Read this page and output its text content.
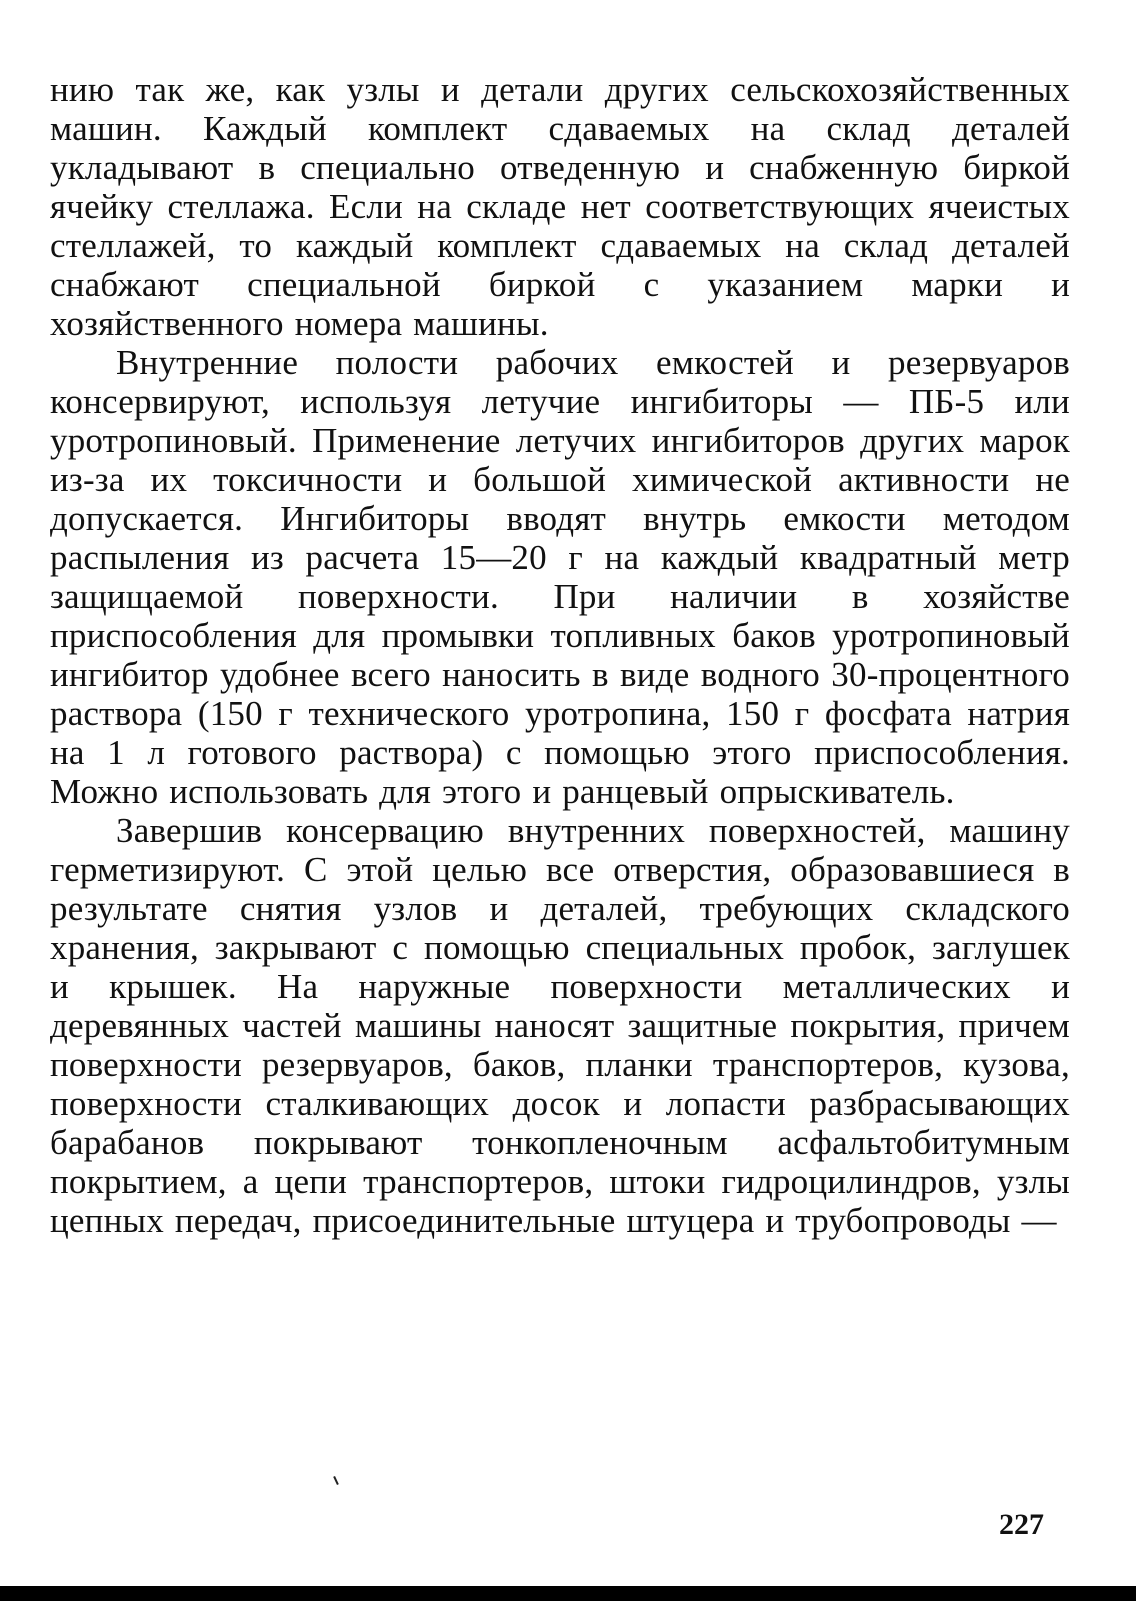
нию так же, как узлы и детали других сельскохозяйственных машин. Каждый комплект сдаваемых на склад деталей укладывают в специально отведенную и снабженную биркой ячейку стеллажа. Если на складе нет соответствующих ячеистых стеллажей, то каждый комплект сдаваемых на склад деталей снабжают специальной биркой с указанием марки и хозяйственного номера машины.

Внутренние полости рабочих емкостей и резервуаров консервируют, используя летучие ингибиторы — ПБ-5 или уротропиновый. Применение летучих ингибиторов других марок из-за их токсичности и большой химической активности не допускается. Ингибиторы вводят внутрь емкости методом распыления из расчета 15—20 г на каждый квадратный метр защищаемой поверхности. При наличии в хозяйстве приспособления для промывки топливных баков уротропиновый ингибитор удобнее всего наносить в виде водного 30-процентного раствора (150 г технического уротропина, 150 г фосфата натрия на 1 л готового раствора) с помощью этого приспособления. Можно использовать для этого и ранцевый опрыскиватель.

Завершив консервацию внутренних поверхностей, машину герметизируют. С этой целью все отверстия, образовавшиеся в результате снятия узлов и деталей, требующих складского хранения, закрывают с помощью специальных пробок, заглушек и крышек. На наружные поверхности металлических и деревянных частей машины наносят защитные покрытия, причем поверхности резервуаров, баков, планки транспортеров, кузова, поверхности сталкивающих досок и лопасти разбрасывающих барабанов покрывают тонкопленочным асфальтобитумным покрытием, а цепи транспортеров, штоки гидроцилиндров, узлы цепных передач, присоединительные штуцера и трубопроводы —

227
